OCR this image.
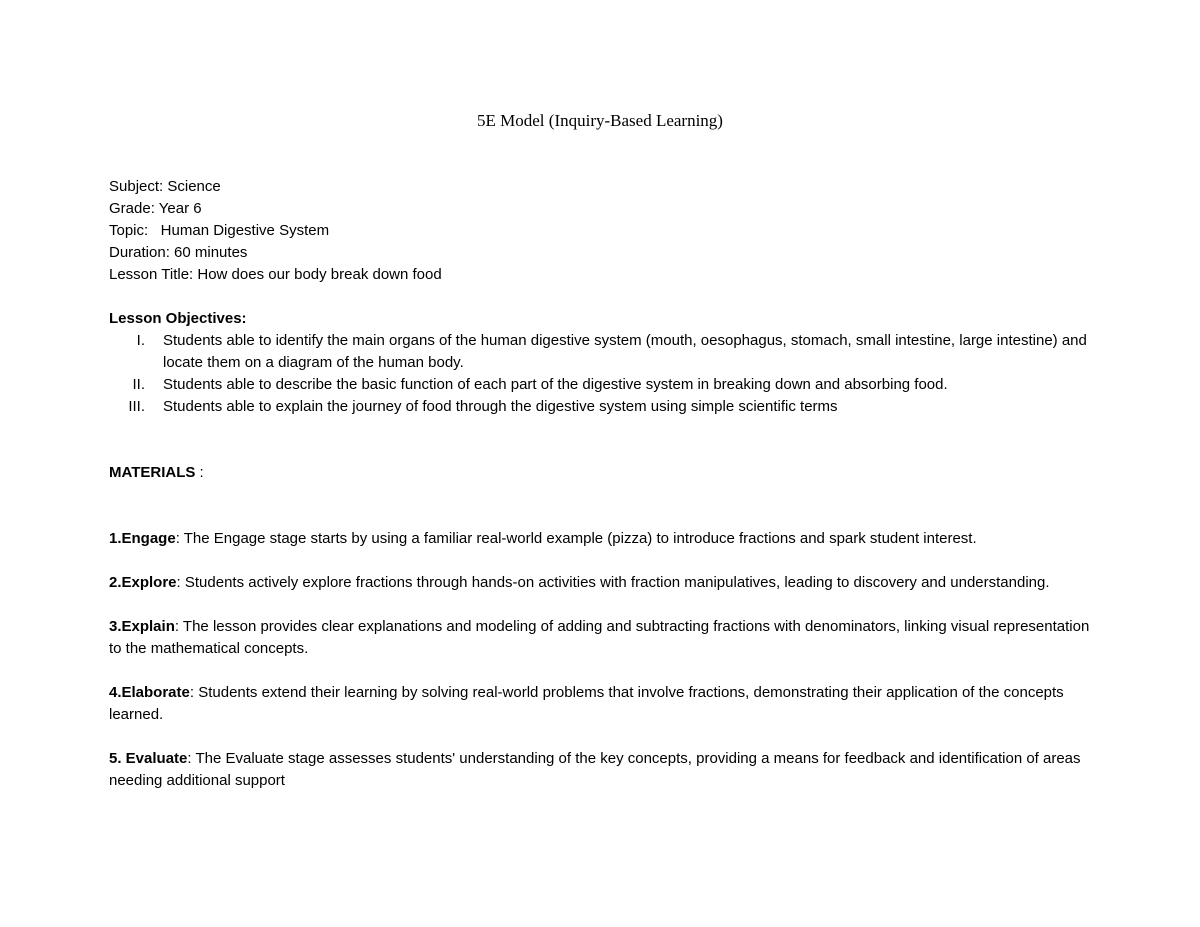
5E Model (Inquiry-Based Learning)
Subject: Science
Grade: Year 6
Topic:   Human Digestive System
Duration: 60 minutes
Lesson Title: How does our body break down food
Lesson Objectives:
I. Students able to identify the main organs of the human digestive system (mouth, oesophagus, stomach, small intestine, large intestine) and locate them on a diagram of the human body.
II. Students able to describe the basic function of each part of the digestive system in breaking down and absorbing food.
III. Students able to explain the journey of food through the digestive system using simple scientific terms
MATERIALS :

1.Engage: The Engage stage starts by using a familiar real-world example (pizza) to introduce fractions and spark student interest.

2.Explore: Students actively explore fractions through hands-on activities with fraction manipulatives, leading to discovery and understanding.

3.Explain: The lesson provides clear explanations and modeling of adding and subtracting fractions with denominators, linking visual representation to the mathematical concepts.

4.Elaborate: Students extend their learning by solving real-world problems that involve fractions, demonstrating their application of the concepts learned.

5. Evaluate: The Evaluate stage assesses students' understanding of the key concepts, providing a means for feedback and identification of areas needing additional support
